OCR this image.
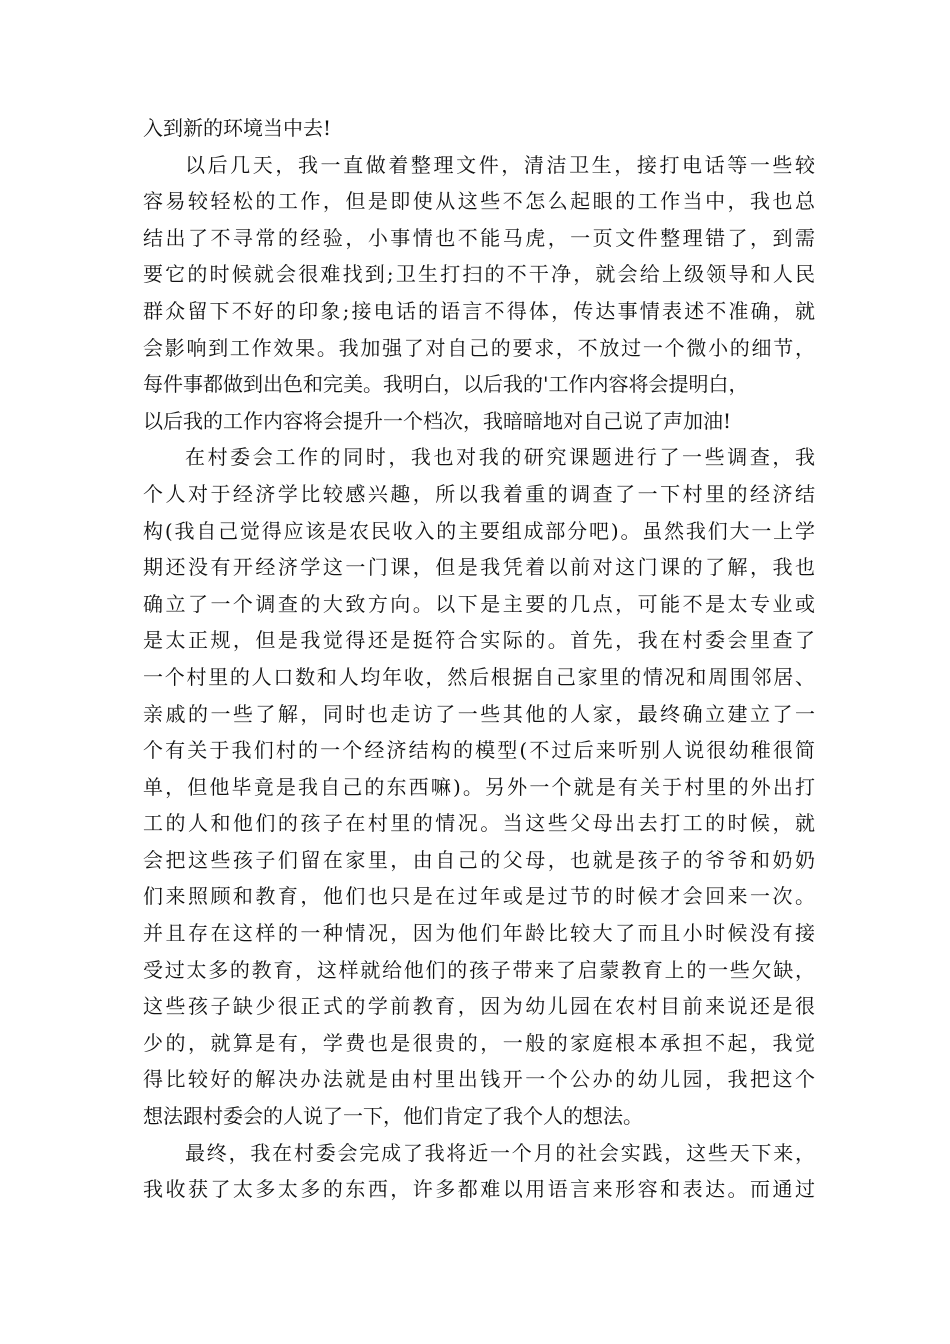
入到新的环境当中去!
以后几天，我一直做着整理文件，清洁卫生，接打电话等一些较
容易较轻松的工作，但是即使从这些不怎么起眼的工作当中，我也总
结出了不寻常的经验，小事情也不能马虎，一页文件整理错了，到需
要它的时候就会很难找到;卫生打扫的不干净，就会给上级领导和人民
群众留下不好的印象;接电话的语言不得体，传达事情表述不准确，就
会影响到工作效果。我加强了对自己的要求，不放过一个微小的细节，
每件事都做到出色和完美。我明白，以后我的'工作内容将会提明白，
以后我的工作内容将会提升一个档次，我暗暗地对自己说了声加油!
在村委会工作的同时，我也对我的研究课题进行了一些调查，我
个人对于经济学比较感兴趣，所以我着重的调查了一下村里的经济结
构(我自己觉得应该是农民收入的主要组成部分吧)。虽然我们大一上学
期还没有开经济学这一门课，但是我凭着以前对这门课的了解，我也
确立了一个调查的大致方向。以下是主要的几点，可能不是太专业或
是太正规，但是我觉得还是挺符合实际的。首先，我在村委会里查了
一个村里的人口数和人均年收，然后根据自己家里的情况和周围邻居、
亲戚的一些了解，同时也走访了一些其他的人家，最终确立建立了一
个有关于我们村的一个经济结构的模型(不过后来听别人说很幼稚很简
单，但他毕竟是我自己的东西嘛)。另外一个就是有关于村里的外出打
工的人和他们的孩子在村里的情况。当这些父母出去打工的时候，就
会把这些孩子们留在家里，由自己的父母，也就是孩子的爷爷和奶奶
们来照顾和教育，他们也只是在过年或是过节的时候才会回来一次。
并且存在这样的一种情况，因为他们年龄比较大了而且小时候没有接
受过太多的教育，这样就给他们的孩子带来了启蒙教育上的一些欠缺，
这些孩子缺少很正式的学前教育，因为幼儿园在农村目前来说还是很
少的，就算是有，学费也是很贵的，一般的家庭根本承担不起，我觉
得比较好的解决办法就是由村里出钱开一个公办的幼儿园，我把这个
想法跟村委会的人说了一下，他们肯定了我个人的想法。
最终，我在村委会完成了我将近一个月的社会实践，这些天下来，
我收获了太多太多的东西，许多都难以用语言来形容和表达。而通过
